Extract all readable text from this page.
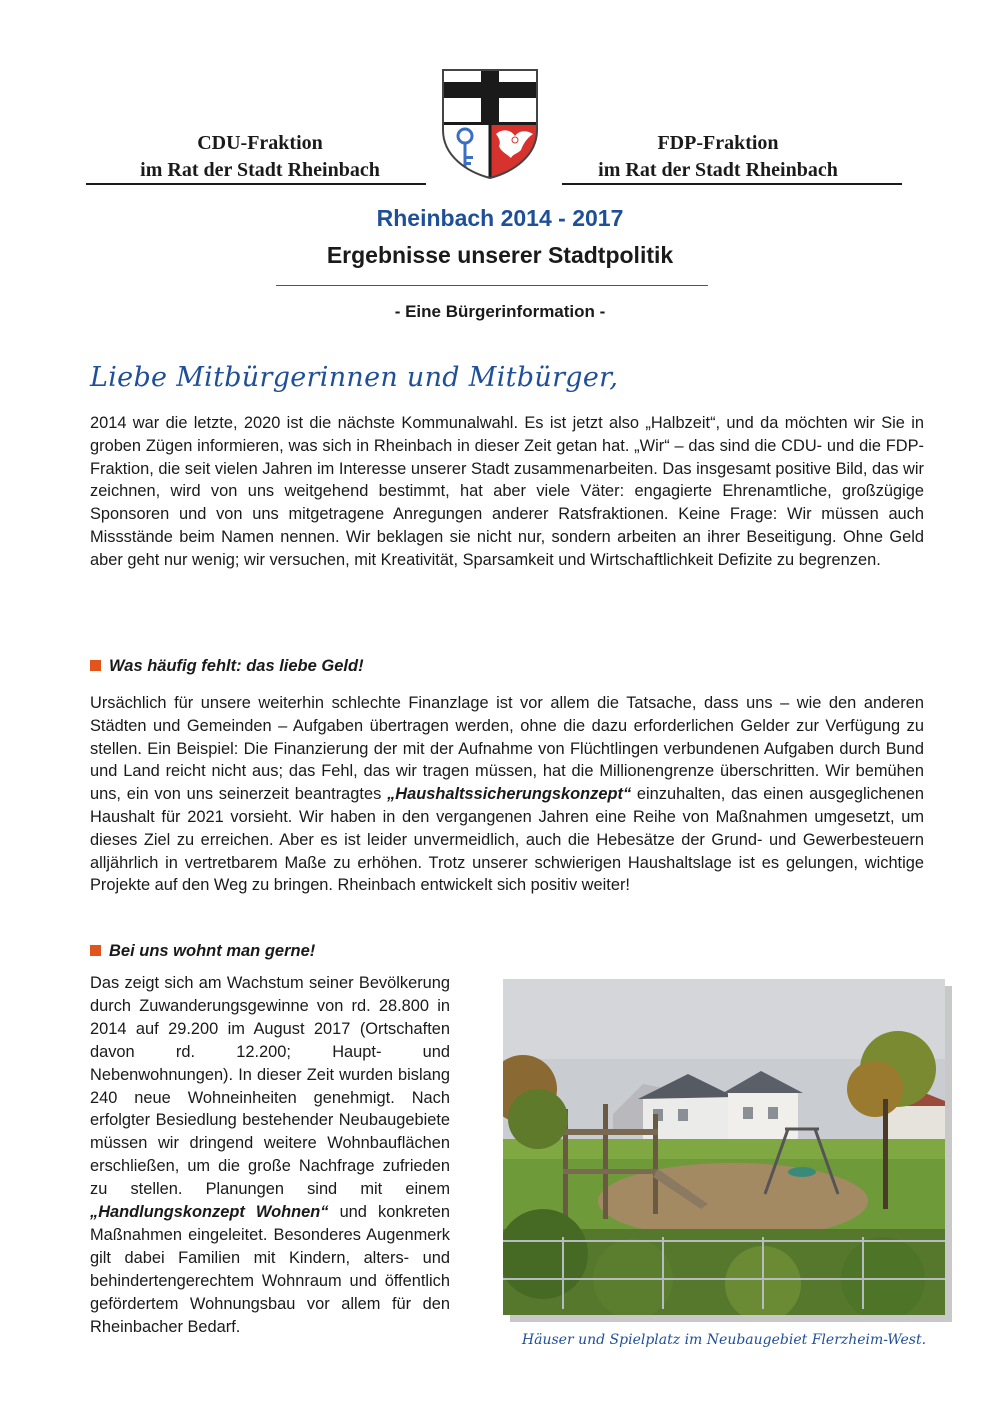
CDU-Fraktion
im Rat der Stadt Rheinbach
FDP-Fraktion
im Rat der Stadt Rheinbach
Rheinbach 2014 - 2017
Ergebnisse unserer Stadtpolitik
- Eine Bürgerinformation -
Liebe Mitbürgerinnen und Mitbürger,

2014 war die letzte, 2020 ist die nächste Kommunalwahl. Es ist jetzt also „Halbzeit“, und da möchten wir Sie in groben Zügen informieren, was sich in Rheinbach in dieser Zeit getan hat. „Wir“ – das sind die CDU- und die FDP-Fraktion, die seit vielen Jahren im Interesse unserer Stadt zusammenarbeiten. Das insgesamt positive Bild, das wir zeichnen, wird von uns weitgehend bestimmt, hat aber viele Väter: engagierte Ehrenamtliche, großzügige Sponsoren und von uns mitgetragene Anregungen anderer Ratsfraktionen. Keine Frage: Wir müssen auch Missstände beim Namen nennen. Wir beklagen sie nicht nur, sondern arbeiten an ihrer Beseitigung. Ohne Geld aber geht nur wenig; wir versuchen, mit Kreativität, Sparsamkeit und Wirtschaftlichkeit Defizite zu begrenzen.

Was häufig fehlt: das liebe Geld!

Ursächlich für unsere weiterhin schlechte Finanzlage ist vor allem die Tatsache, dass uns – wie den anderen Städten und Gemeinden – Aufgaben übertragen werden, ohne die dazu erforderlichen Gelder zur Verfügung zu stellen. Ein Beispiel: Die Finanzierung der mit der Aufnahme von Flüchtlingen verbundenen Aufgaben durch Bund und Land reicht nicht aus; das Fehl, das wir tragen müssen, hat die Millionengrenze überschritten. Wir bemühen uns, ein von uns seinerzeit beantragtes „Haushaltssicherungskonzept“ einzuhalten, das einen ausgeglichenen Haushalt für 2021 vorsieht. Wir haben in den vergangenen Jahren eine Reihe von Maßnahmen umgesetzt, um dieses Ziel zu erreichen. Aber es ist leider unvermeidlich, auch die Hebesätze der Grund- und Gewerbesteuern alljährlich in vertretbarem Maße zu erhöhen. Trotz unserer schwierigen Haushaltslage ist es gelungen, wichtige Projekte auf den Weg zu bringen. Rheinbach entwickelt sich positiv weiter!

Bei uns wohnt man gerne!

Das zeigt sich am Wachstum seiner Bevölkerung durch Zuwanderungsgewinne von rd. 28.800 in 2014 auf 29.200 im August 2017 (Ortschaften davon rd. 12.200; Haupt- und Nebenwohnungen). In dieser Zeit wurden bislang 240 neue Wohneinheiten genehmigt. Nach erfolgter Besiedlung bestehender Neubaugebiete müssen wir dringend weitere Wohnbauflächen erschließen, um die große Nachfrage zufrieden zu stellen. Planungen sind mit einem „Handlungskonzept Wohnen“ und konkreten Maßnahmen eingeleitet. Besonderes Augenmerk gilt dabei Familien mit Kindern, alters- und behindertengerechtem Wohnraum und öffentlich gefördertem Wohnungsbau vor allem für den Rheinbacher Bedarf.

Häuser und Spielplatz im Neubaugebiet Flerzheim-West.
